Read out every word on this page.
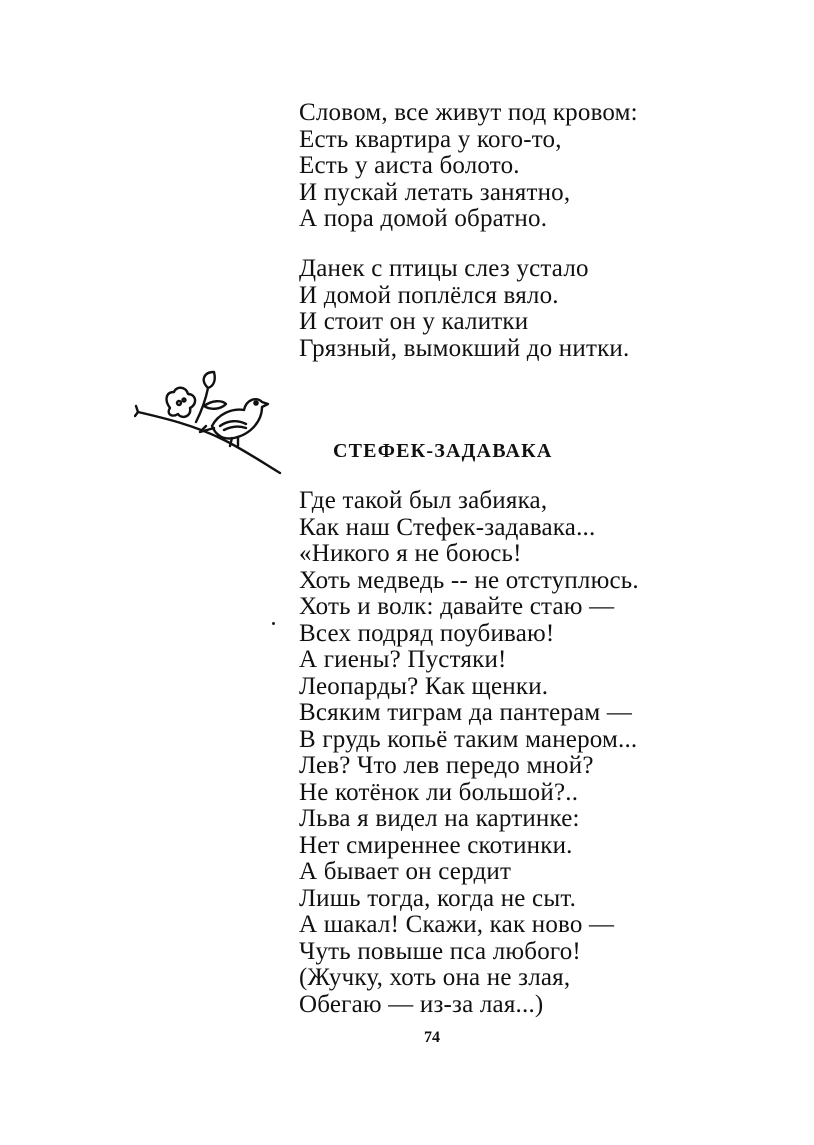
Словом, все живут под кровом:
Есть квартира у кого-то,
Есть у аиста болото.
И пускай летать занятно,
А пора домой обратно.
Данек с птицы слез устало
И домой поплёлся вяло.
И стоит он у калитки
Грязный, вымокший до нитки.
СТЕФЕК-ЗАДАВАКА
Где такой был забияка,
Как наш Стефек-задавака...
«Никого я не боюсь!
Хоть медведь -- не отступлюсь.
Хоть и волк: давайте стаю —
Всех подряд поубиваю!
А гиены? Пустяки!
Леопарды? Как щенки.
Всяким тиграм да пантерам —
В грудь копьё таким манером...
Лев? Что лев передо мной?
Не котёнок ли большой?..
Льва я видел на картинке:
Нет смиреннее скотинки.
А бывает он сердит
Лишь тогда, когда не сыт.
А шакал! Скажи, как ново —
Чуть повыше пса любого!
(Жучку, хоть она не злая,
Обегаю — из-за лая...)
74
